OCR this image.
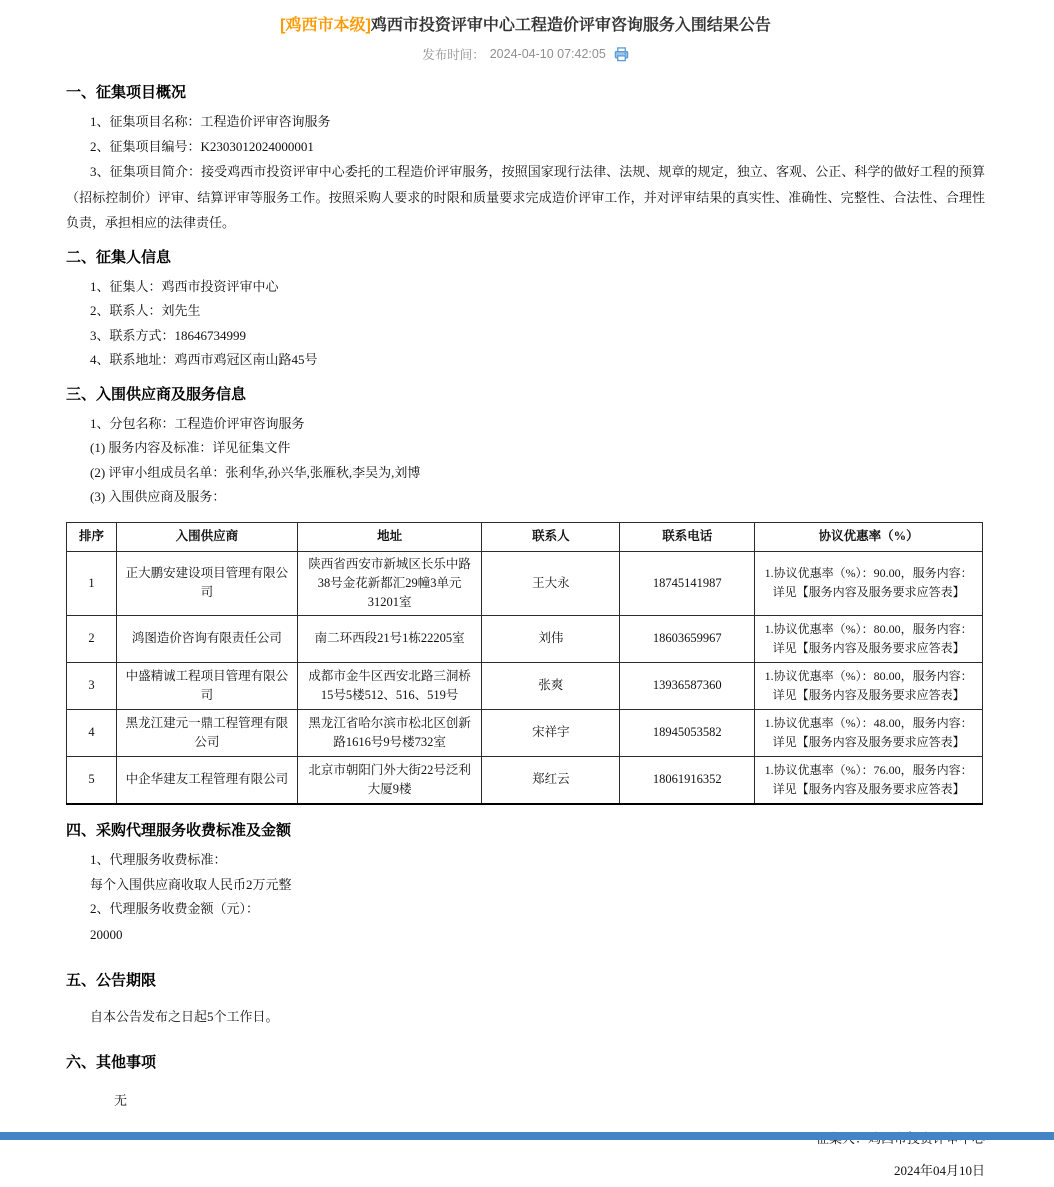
[鸡西市本级]鸡西市投资评审中心工程造价评审咨询服务入围结果公告
发布时间： 2024-04-10 07:42:05
一、征集项目概况
1、征集项目名称：工程造价评审咨询服务
2、征集项目编号：K2303012024000001

3、征集项目简介：接受鸡西市投资评审中心委托的工程造价评审服务，按照国家现行法律、法规、规章的规定，独立、客观、公正、科学的做好工程的预算（招标控制价）评审、结算评审等服务工作。按照采购人要求的时限和质量要求完成造价评审工作，并对评审结果的真实性、准确性、完整性、合法性、合理性负责，承担相应的法律责任。

二、征集人信息
1、征集人：鸡西市投资评审中心
2、联系人：刘先生
3、联系方式：18646734999
4、联系地址：鸡西市鸡冠区南山路45号
三、入围供应商及服务信息
1、分包名称：工程造价评审咨询服务
(1) 服务内容及标准：详见征集文件
(2) 评审小组成员名单：张利华,孙兴华,张雁秋,李吴为,刘博
(3) 入围供应商及服务：
排序	入围供应商	地址	联系人	联系电话	协议优惠率（%）
1	正大鹏安建设项目管理有限公司	陕西省西安市新城区长乐中路38号金花新都汇29幢3单元31201室	王大永	18745141987	1.协议优惠率（%）：90.00，服务内容：详见【服务内容及服务要求应答表】
2	鸿图造价咨询有限责任公司	南二环西段21号1栋22205室	刘伟	18603659967	1.协议优惠率（%）：80.00，服务内容：详见【服务内容及服务要求应答表】
3	中盛精诚工程项目管理有限公司	成都市金牛区西安北路三洞桥15号5楼512、516、519号	张爽	13936587360	1.协议优惠率（%）：80.00，服务内容：详见【服务内容及服务要求应答表】
4	黑龙江建元一鼎工程管理有限公司	黑龙江省哈尔滨市松北区创新路1616号9号楼732室	宋祥宇	18945053582	1.协议优惠率（%）：48.00，服务内容：详见【服务内容及服务要求应答表】
5	中企华建友工程管理有限公司	北京市朝阳门外大街22号泛利大厦9楼	郑红云	18061916352	1.协议优惠率（%）：76.00，服务内容：详见【服务内容及服务要求应答表】
四、采购代理服务收费标准及金额
1、代理服务收费标准：
每个入围供应商收取人民币2万元整
2、代理服务收费金额（元）：
20000
五、公告期限
自本公告发布之日起5个工作日。
六、其他事项
无
2024年04月10日
